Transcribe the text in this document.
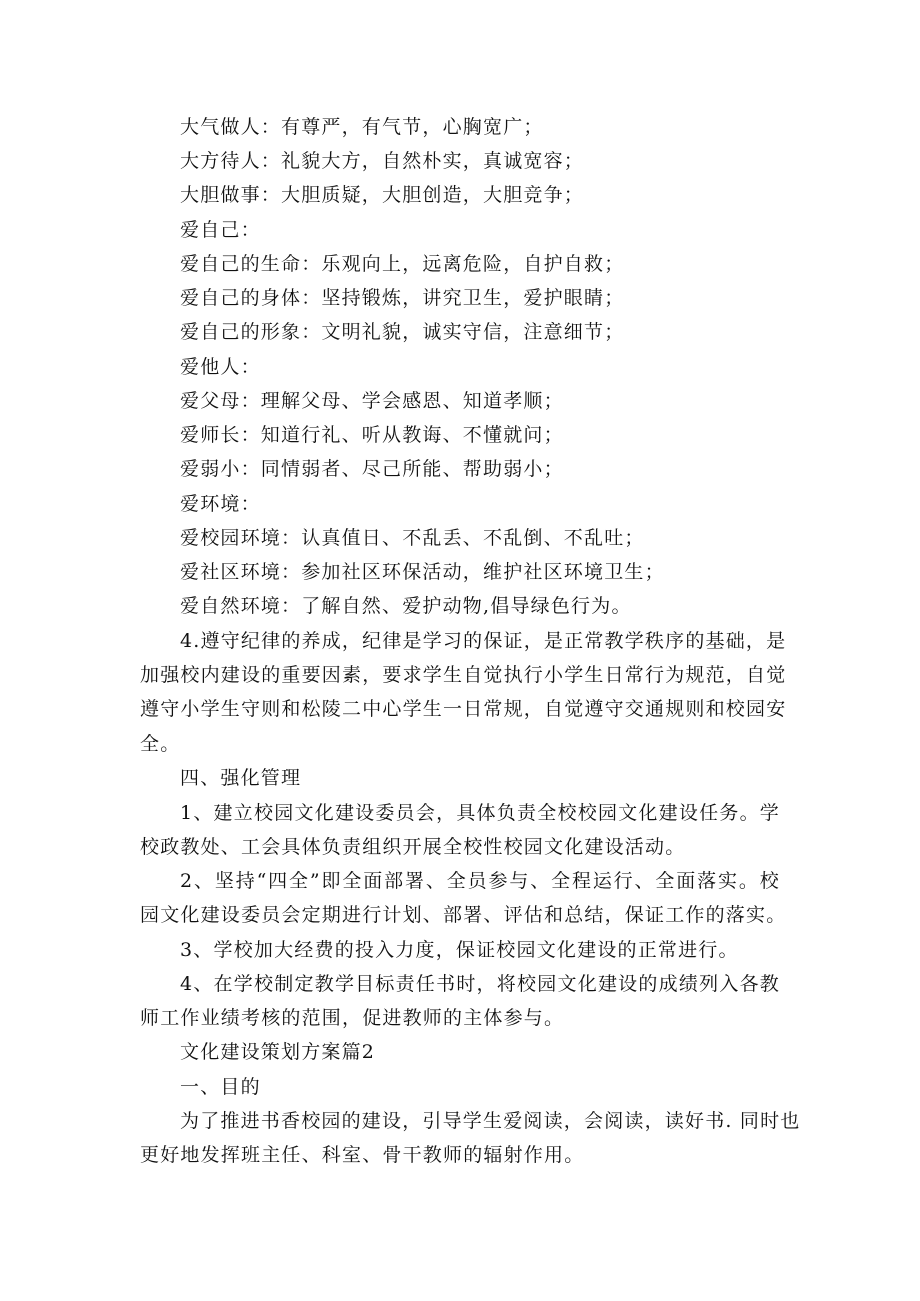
大气做人：有尊严，有气节，心胸宽广；
大方待人：礼貌大方，自然朴实，真诚宽容；
大胆做事：大胆质疑，大胆创造，大胆竞争；
爱自己：
爱自己的生命：乐观向上，远离危险，自护自救；
爱自己的身体：坚持锻炼，讲究卫生，爱护眼睛；
爱自己的形象：文明礼貌，诚实守信，注意细节；
爱他人：
爱父母：理解父母、学会感恩、知道孝顺；
爱师长：知道行礼、听从教诲、不懂就问；
爱弱小：同情弱者、尽己所能、帮助弱小；
爱环境：
爱校园环境：认真值日、不乱丢、不乱倒、不乱吐；
爱社区环境：参加社区环保活动，维护社区环境卫生；
爱自然环境：了解自然、爱护动物,倡导绿色行为。
4.遵守纪律的养成，纪律是学习的保证，是正常教学秩序的基础，是
加强校内建设的重要因素，要求学生自觉执行小学生日常行为规范，自觉
遵守小学生守则和松陵二中心学生一日常规，自觉遵守交通规则和校园安
全。
四、强化管理
1、建立校园文化建设委员会，具体负责全校校园文化建设任务。学
校政教处、工会具体负责组织开展全校性校园文化建设活动。
2、坚持“四全”即全面部署、全员参与、全程运行、全面落实。校
园文化建设委员会定期进行计划、部署、评估和总结，保证工作的落实。
3、学校加大经费的投入力度，保证校园文化建设的正常进行。
4、在学校制定教学目标责任书时，将校园文化建设的成绩列入各教
师工作业绩考核的范围，促进教师的主体参与。
文化建设策划方案篇2
一、目的
为了推进书香校园的建设，引导学生爱阅读，会阅读，读好书. 同时也
更好地发挥班主任、科室、骨干教师的辐射作用。
